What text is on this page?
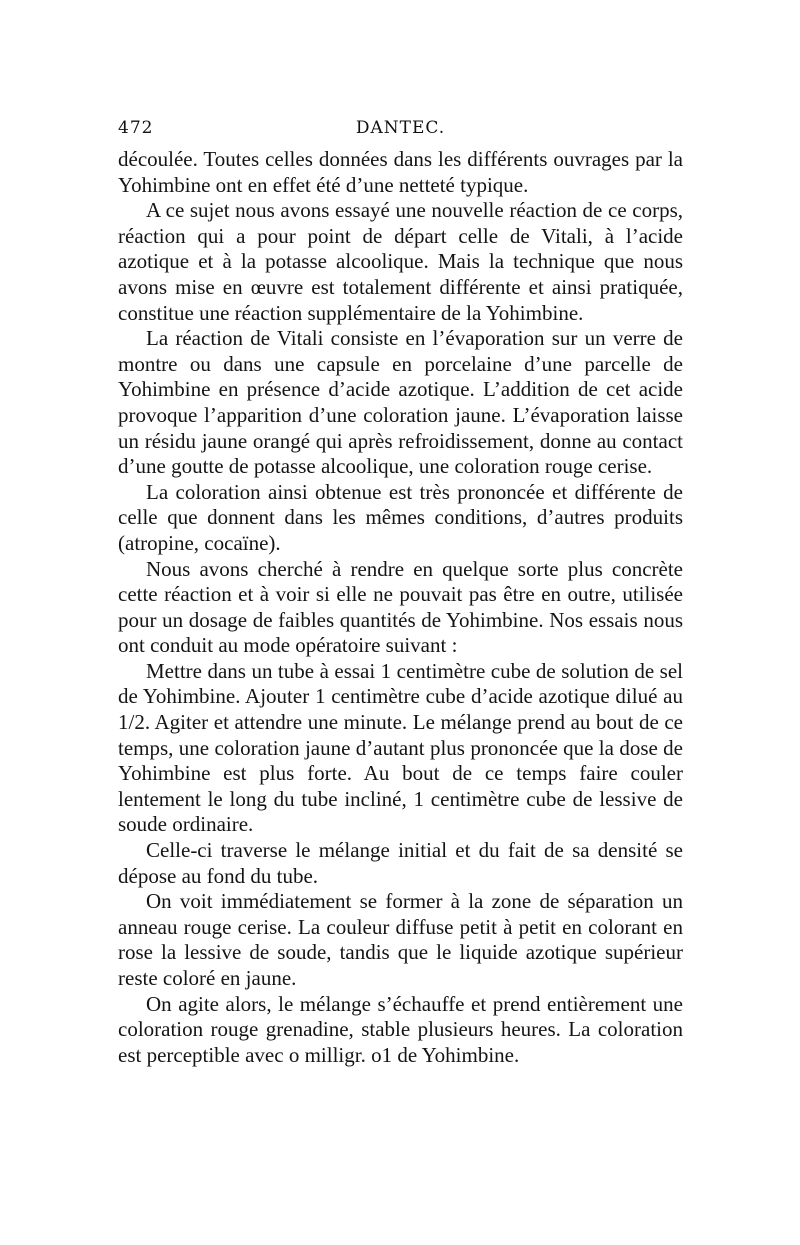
472	DANTEC.

découlée. Toutes celles données dans les différents ouvrages par la Yohimbine ont en effet été d’une netteté typique.

A ce sujet nous avons essayé une nouvelle réaction de ce corps, réaction qui a pour point de départ celle de Vitali, à l’acide azotique et à la potasse alcoolique. Mais la technique que nous avons mise en œuvre est totalement différente et ainsi pratiquée, constitue une réaction supplémentaire de la Yohimbine.

La réaction de Vitali consiste en l’évaporation sur un verre de montre ou dans une capsule en porcelaine d’une parcelle de Yohimbine en présence d’acide azotique. L’addition de cet acide provoque l’apparition d’une coloration jaune. L’évaporation laisse un résidu jaune orangé qui après refroidissement, donne au contact d’une goutte de potasse alcoolique, une coloration rouge cerise.

La coloration ainsi obtenue est très prononcée et différente de celle que donnent dans les mêmes conditions, d’autres produits (atropine, cocaïne).

Nous avons cherché à rendre en quelque sorte plus concrète cette réaction et à voir si elle ne pouvait pas être en outre, utilisée pour un dosage de faibles quantités de Yohimbine. Nos essais nous ont conduit au mode opératoire suivant :

Mettre dans un tube à essai 1 centimètre cube de solution de sel de Yohimbine. Ajouter 1 centimètre cube d’acide azotique dilué au 1/2. Agiter et attendre une minute. Le mélange prend au bout de ce temps, une coloration jaune d’autant plus prononcée que la dose de Yohimbine est plus forte. Au bout de ce temps faire couler lentement le long du tube incliné, 1 centimètre cube de lessive de soude ordinaire.

Celle-ci traverse le mélange initial et du fait de sa densité se dépose au fond du tube.

On voit immédiatement se former à la zone de séparation un anneau rouge cerise. La couleur diffuse petit à petit en colorant en rose la lessive de soude, tandis que le liquide azotique supérieur reste coloré en jaune.

On agite alors, le mélange s’échauffe et prend entièrement une coloration rouge grenadine, stable plusieurs heures. La coloration est perceptible avec o milligr. o1 de Yohimbine.
